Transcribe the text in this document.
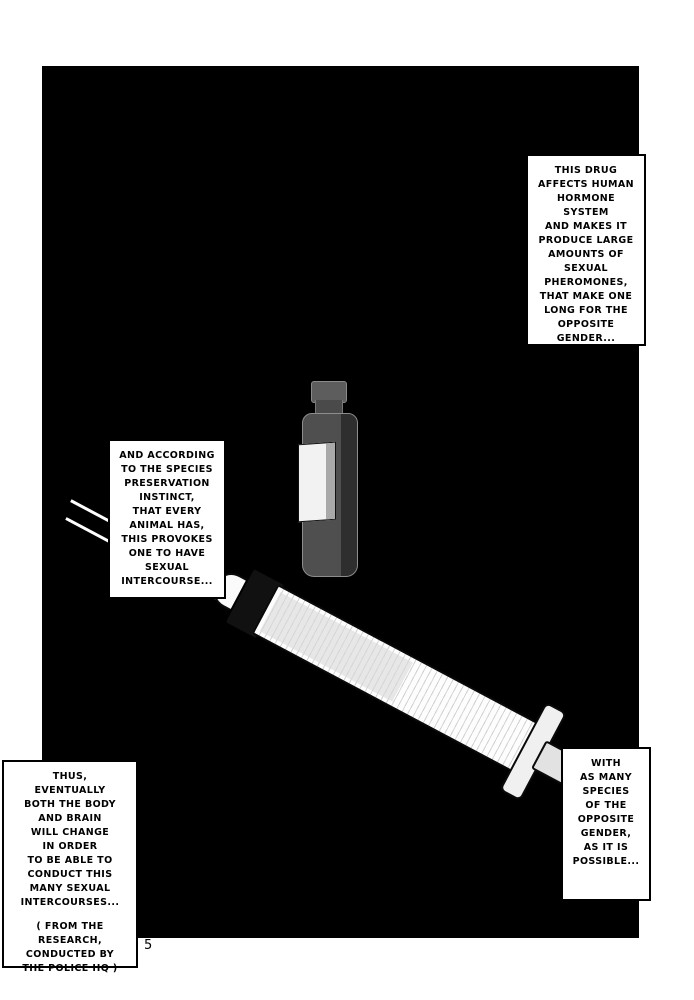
THIS DRUG
AFFECTS HUMAN
HORMONE SYSTEM
AND MAKES IT
PRODUCE LARGE
AMOUNTS OF
SEXUAL
PHEROMONES,
THAT MAKE ONE
LONG FOR THE
OPPOSITE
GENDER...
AND ACCORDING
TO THE SPECIES
PRESERVATION
INSTINCT,
THAT EVERY
ANIMAL HAS,
THIS PROVOKES
ONE TO HAVE
SEXUAL
INTERCOURSE...
WITH
AS MANY
SPECIES
OF THE
OPPOSITE
GENDER,
AS IT IS
POSSIBLE...
THUS,
EVENTUALLY
BOTH THE BODY
AND BRAIN
WILL CHANGE
IN ORDER
TO BE ABLE TO
CONDUCT THIS
MANY SEXUAL
INTERCOURSES...
( FROM THE
RESEARCH,
CONDUCTED BY
THE POLICE HQ )
5
